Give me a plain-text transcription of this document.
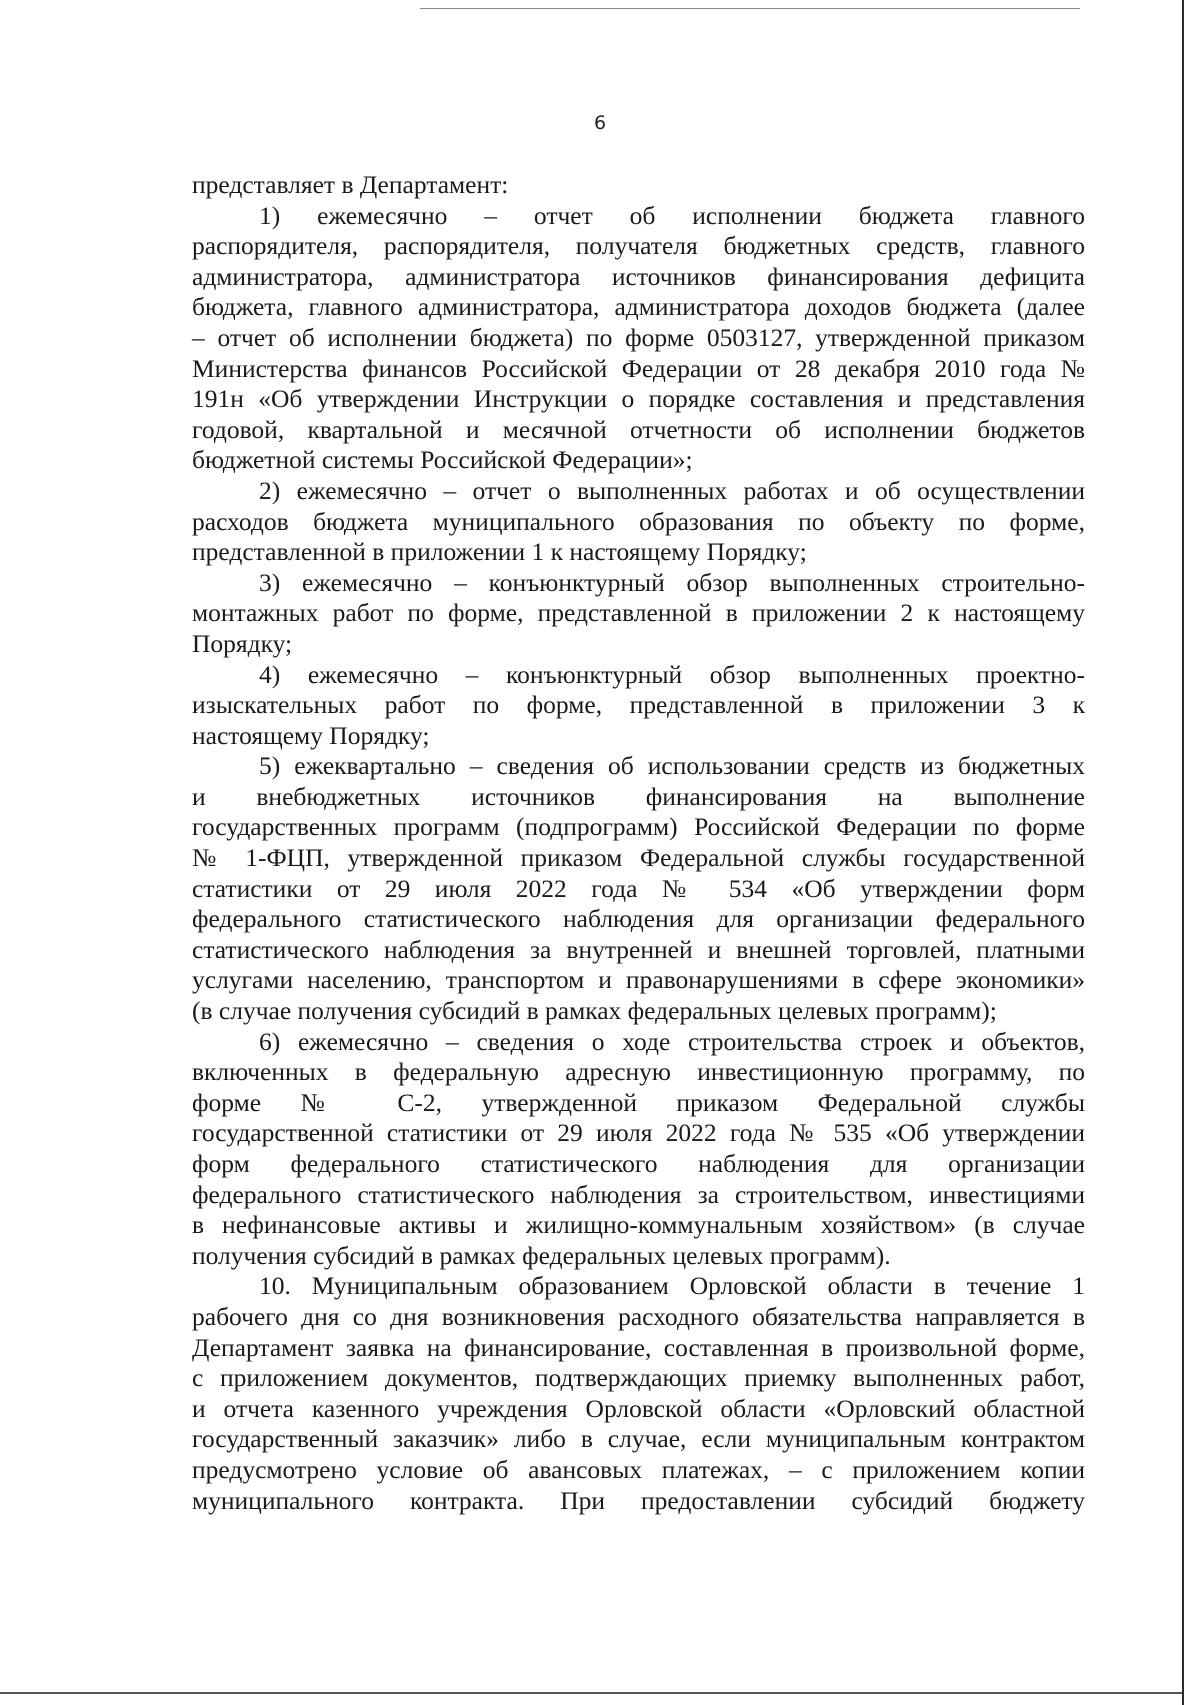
6
представляет в Департамент:
1) ежемесячно – отчет об исполнении бюджета главного
распорядителя, распорядителя, получателя бюджетных средств, главного
администратора, администратора источников финансирования дефицита
бюджета, главного администратора, администратора доходов бюджета (далее
– отчет об исполнении бюджета) по форме 0503127, утвержденной приказом
Министерства финансов Российской Федерации от 28 декабря 2010 года №
191н «Об утверждении Инструкции о порядке составления и представления
годовой, квартальной и месячной отчетности об исполнении бюджетов
бюджетной системы Российской Федерации»;
2) ежемесячно – отчет о выполненных работах и об осуществлении
расходов бюджета муниципального образования по объекту по форме,
представленной в приложении 1 к настоящему Порядку;
3) ежемесячно – конъюнктурный обзор выполненных строительно-
монтажных работ по форме, представленной в приложении 2 к настоящему
Порядку;
4) ежемесячно – конъюнктурный обзор выполненных проектно-
изыскательных работ по форме, представленной в приложении 3 к
настоящему Порядку;
5) ежеквартально – сведения об использовании средств из бюджетных
и внебюджетных источников финансирования на выполнение
государственных программ (подпрограмм) Российской Федерации по форме
№ 1-ФЦП, утвержденной приказом Федеральной службы государственной
статистики от 29 июля 2022 года № 534 «Об утверждении форм
федерального статистического наблюдения для организации федерального
статистического наблюдения за внутренней и внешней торговлей, платными
услугами населению, транспортом и правонарушениями в сфере экономики»
(в случае получения субсидий в рамках федеральных целевых программ);
6) ежемесячно – сведения о ходе строительства строек и объектов,
включенных в федеральную адресную инвестиционную программу, по
форме № С-2, утвержденной приказом Федеральной службы
государственной статистики от 29 июля 2022 года № 535 «Об утверждении
форм федерального статистического наблюдения для организации
федерального статистического наблюдения за строительством, инвестициями
в нефинансовые активы и жилищно-коммунальным хозяйством» (в случае
получения субсидий в рамках федеральных целевых программ).
10. Муниципальным образованием Орловской области в течение 1
рабочего дня со дня возникновения расходного обязательства направляется в
Департамент заявка на финансирование, составленная в произвольной форме,
с приложением документов, подтверждающих приемку выполненных работ,
и отчета казенного учреждения Орловской области «Орловский областной
государственный заказчик» либо в случае, если муниципальным контрактом
предусмотрено условие об авансовых платежах, – с приложением копии
муниципального контракта. При предоставлении субсидий бюджету
